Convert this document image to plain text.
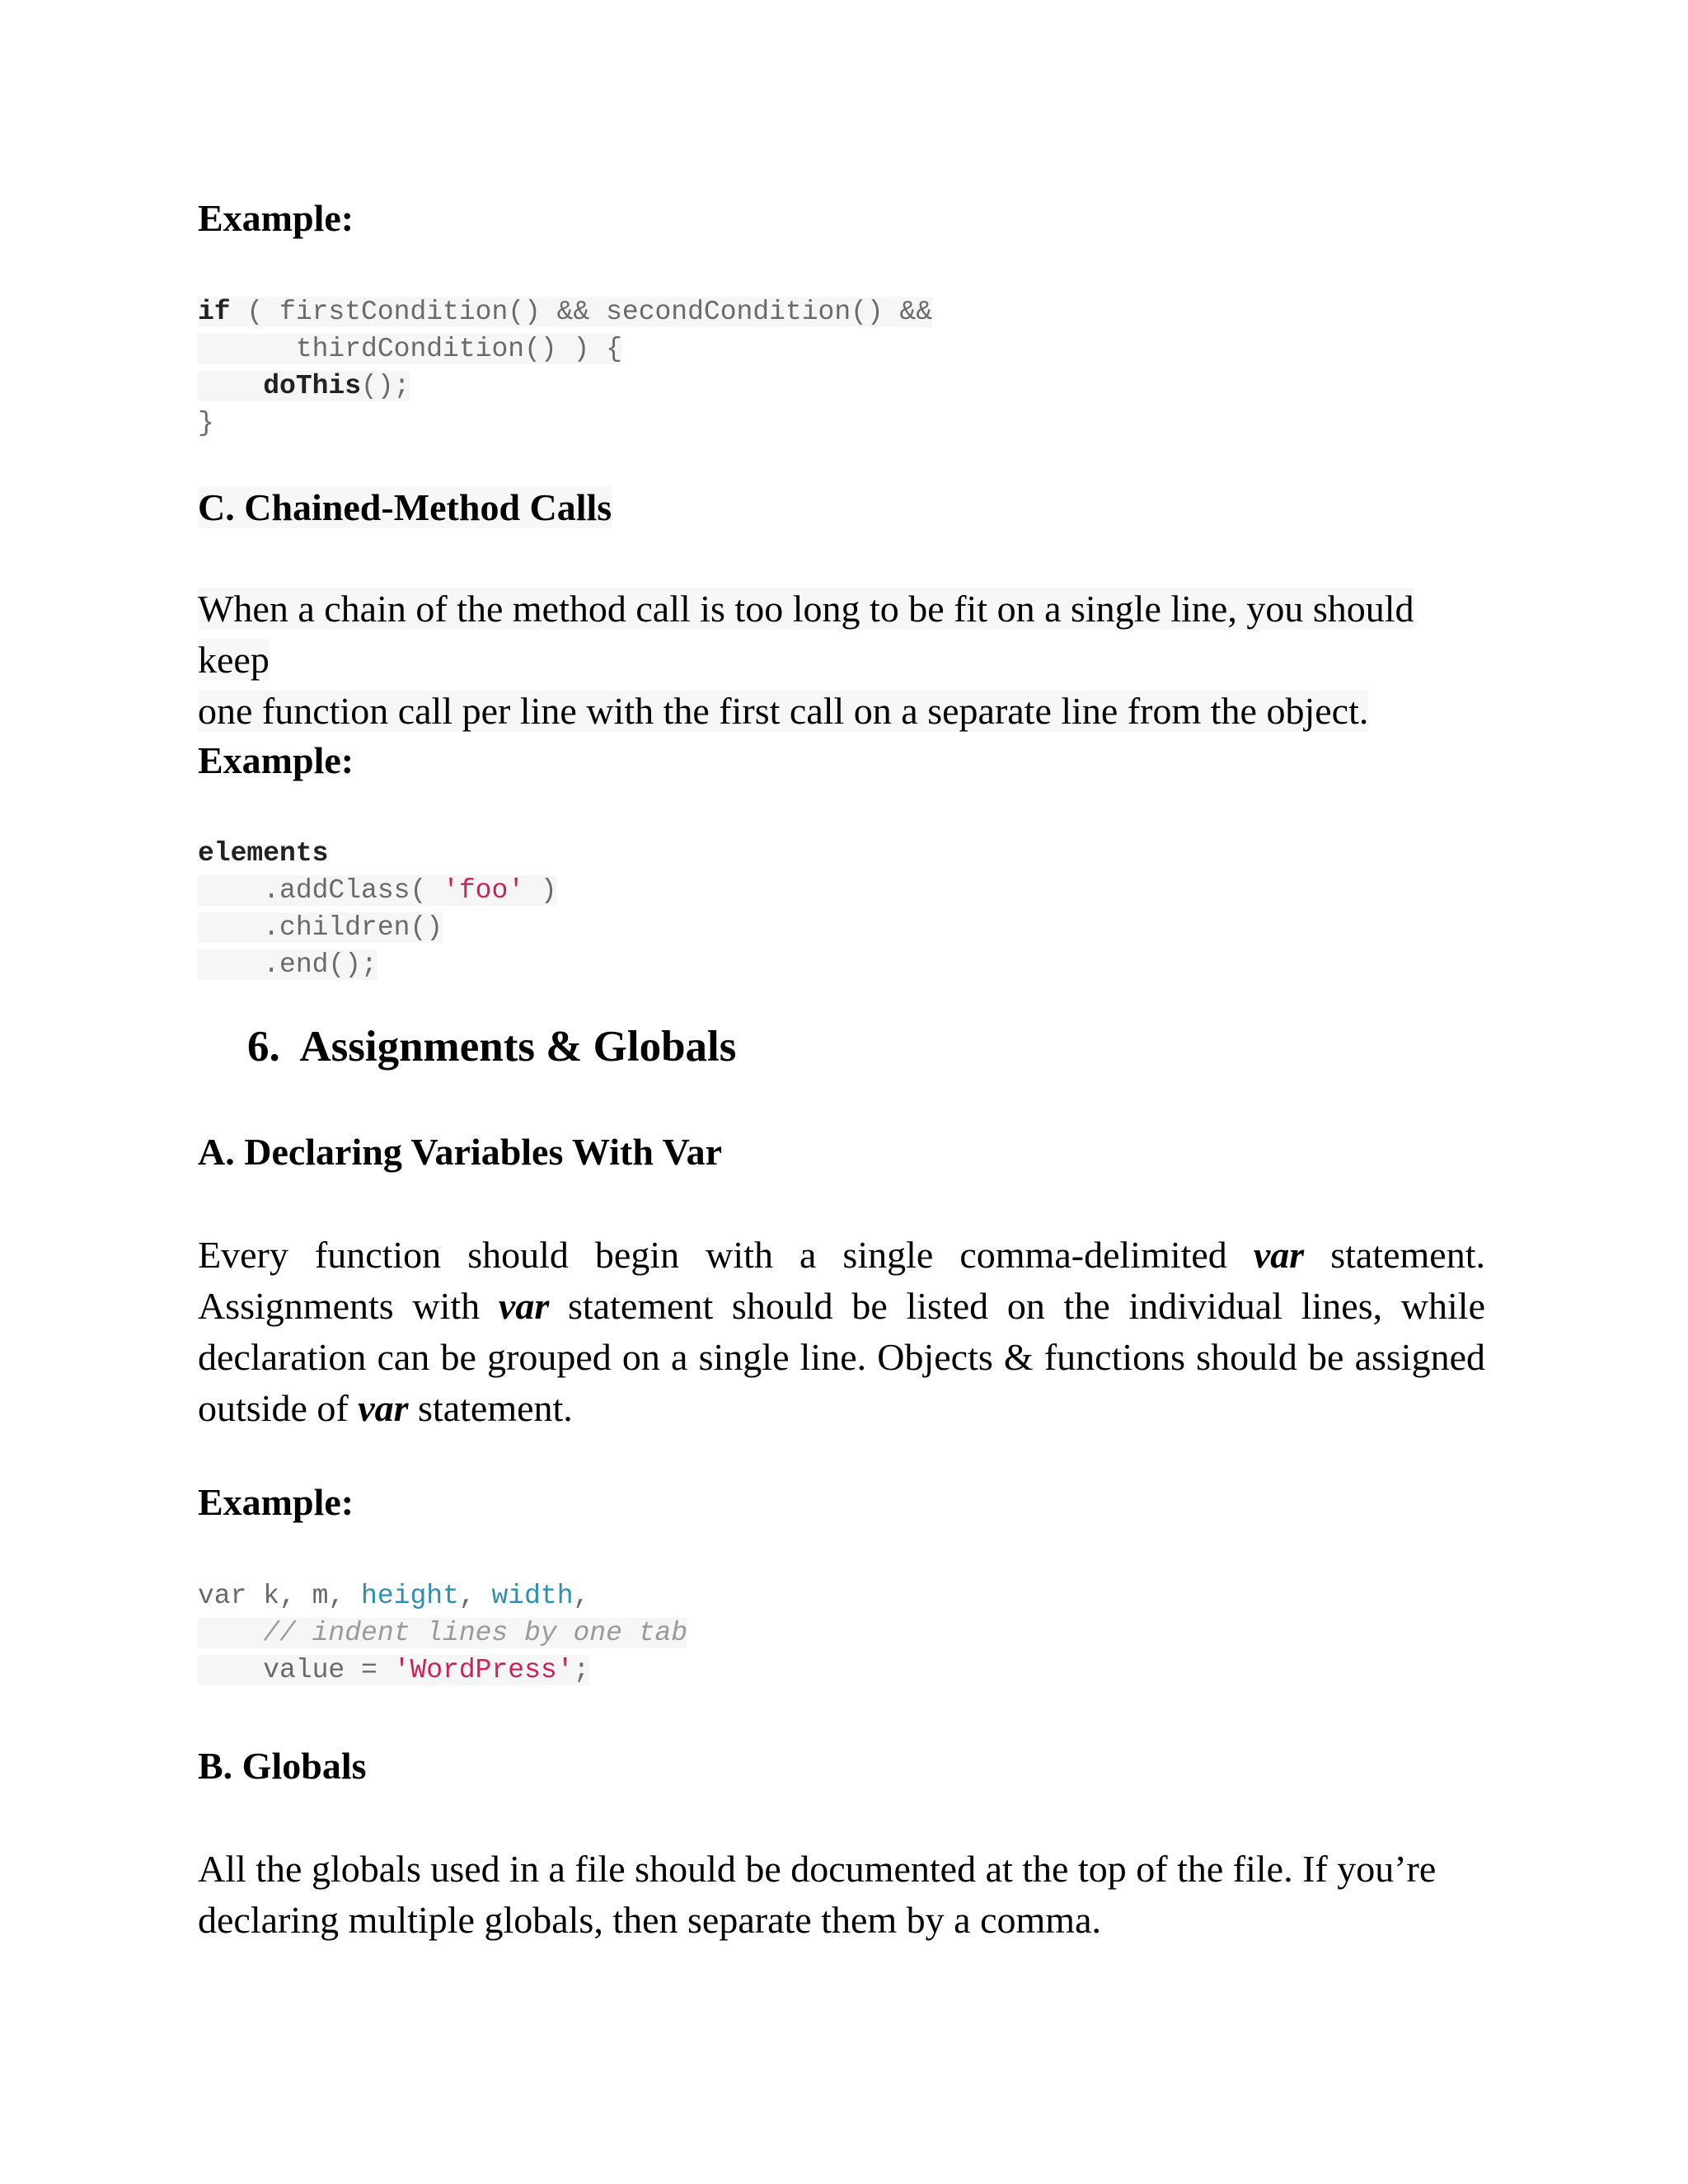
Example:
if ( firstCondition() && secondCondition() &&
thirdCondition() ) {
doThis();
}
C. Chained-Method Calls

When a chain of the method call is too long to be fit on a single line, you should keep

one function call per line with the first call on a separate line from the object.

Example:
elements
.addClass( 'foo' )
.children()
.end();
6.  Assignments & Globals
A. Declaring Variables With Var
Every function should begin with a single comma-delimited var statement.
Assignments with var statement should be listed on the individual lines, while
declaration can be grouped on a single line. Objects & functions should be assigned
outside of var statement.
Example:
var k, m, height, width,
// indent lines by one tab
value = 'WordPress';
B. Globals

All the globals used in a file should be documented at the top of the file. If you’re

declaring multiple globals, then separate them by a comma.
